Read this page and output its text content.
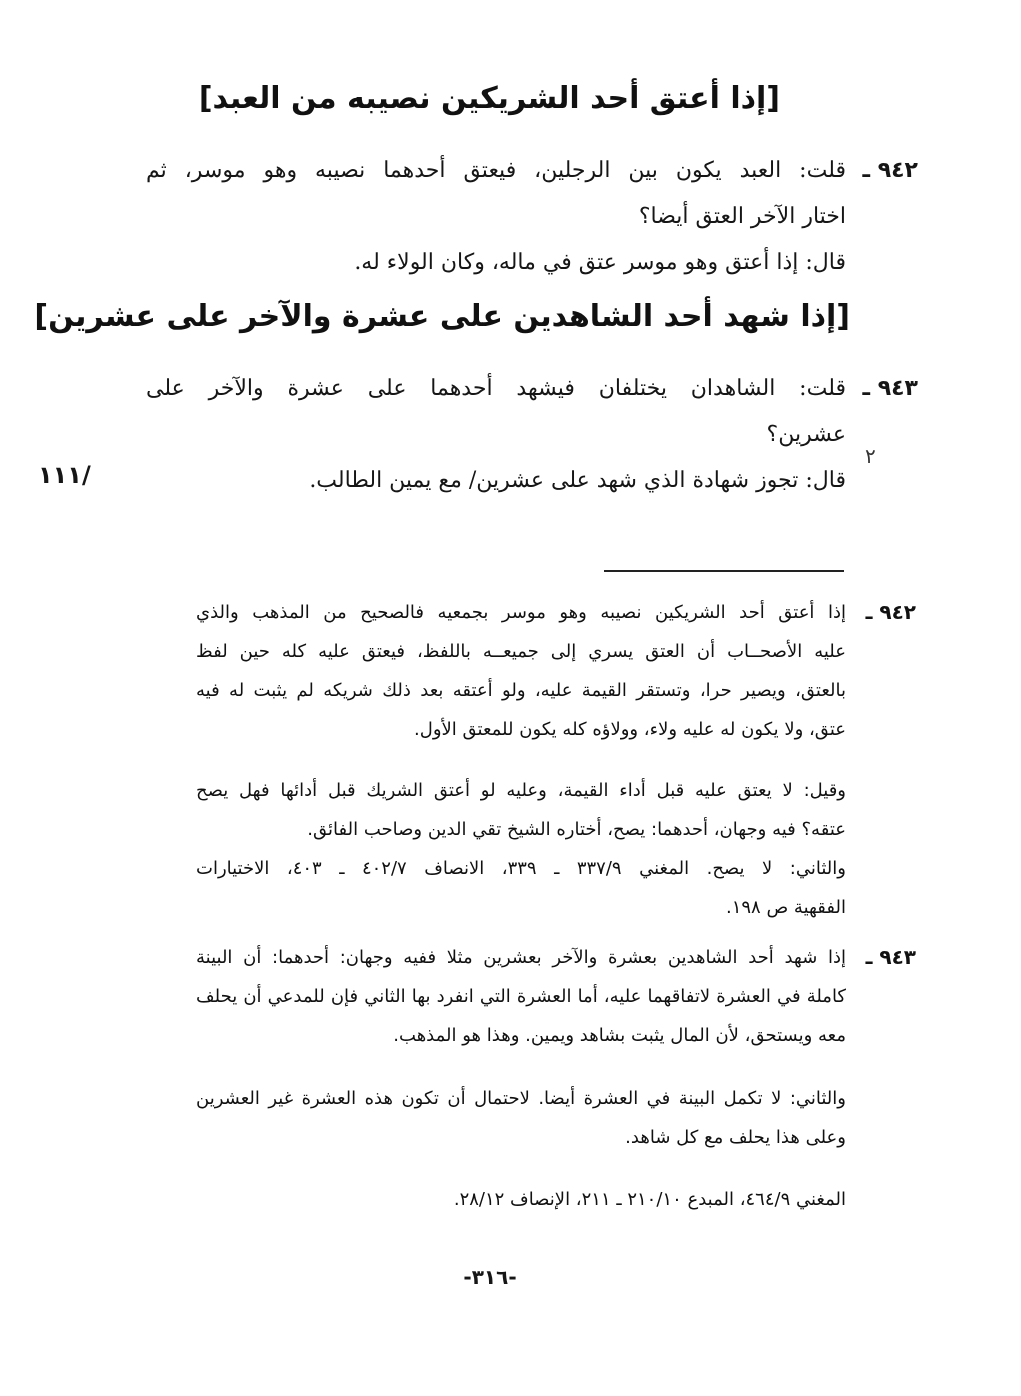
[إذا أعتق أحد الشريكين نصيبه من العبد]
٩٤٢ ـ
قلت: العبد يكون بين الرجلين، فيعتق أحدهما نصيبه وهو موسر، ثم
اختار الآخر العتق أيضا؟
قال: إذا أعتق وهو موسر عتق في ماله، وكان الولاء له.
[إذا شهد أحد الشاهدين على عشرة والآخر على عشرين]
٩٤٣ ـ
قلت: الشاهدان يختلفان فيشهد أحدهما على عشرة والآخر على
عشرين؟
قال: تجوز شهادة الذي شهد على عشرين/ مع يمين الطالب.
/١١١
٢
٩٤٢ ـ
إذا أعتق أحد الشريكين نصيبه وهو موسر بجمعيه فالصحيح من المذهب والذي
عليه الأصحــاب أن العتق يسري إلى جميعــه باللفظ، فيعتق عليه كله حين لفظ
بالعتق، ويصير حرا، وتستقر القيمة عليه، ولو أعتقه بعد ذلك شريكه لم يثبت له فيه
عتق، ولا يكون له عليه ولاء، وولاؤه كله يكون للمعتق الأول.
وقيل: لا يعتق عليه قبل أداء القيمة، وعليه لو أعتق الشريك قبل أدائها فهل يصح
عتقه؟ فيه وجهان، أحدهما: يصح، أختاره الشيخ تقي الدين وصاحب الفائق.
والثاني: لا يصح. المغني ٣٣٧/٩ ـ ٣٣٩، الانصاف ٤٠٢/٧ ـ ٤٠٣، الاختيارات
الفقهية ص ١٩٨.
٩٤٣ ـ
إذا شهد أحد الشاهدين بعشرة والآخر بعشرين مثلا ففيه وجهان: أحدهما: أن البينة
كاملة في العشرة لاتفاقهما عليه، أما العشرة التي انفرد بها الثاني فإن للمدعي أن يحلف
معه ويستحق، لأن المال يثبت بشاهد ويمين. وهذا هو المذهب.
والثاني: لا تكمل البينة في العشرة أيضا. لاحتمال أن تكون هذه العشرة غير العشرين
وعلى هذا يحلف مع كل شاهد.
المغني ٤٦٤/٩، المبدع ٢١٠/١٠ ـ ٢١١، الإنصاف ٢٨/١٢.
-٣١٦-
